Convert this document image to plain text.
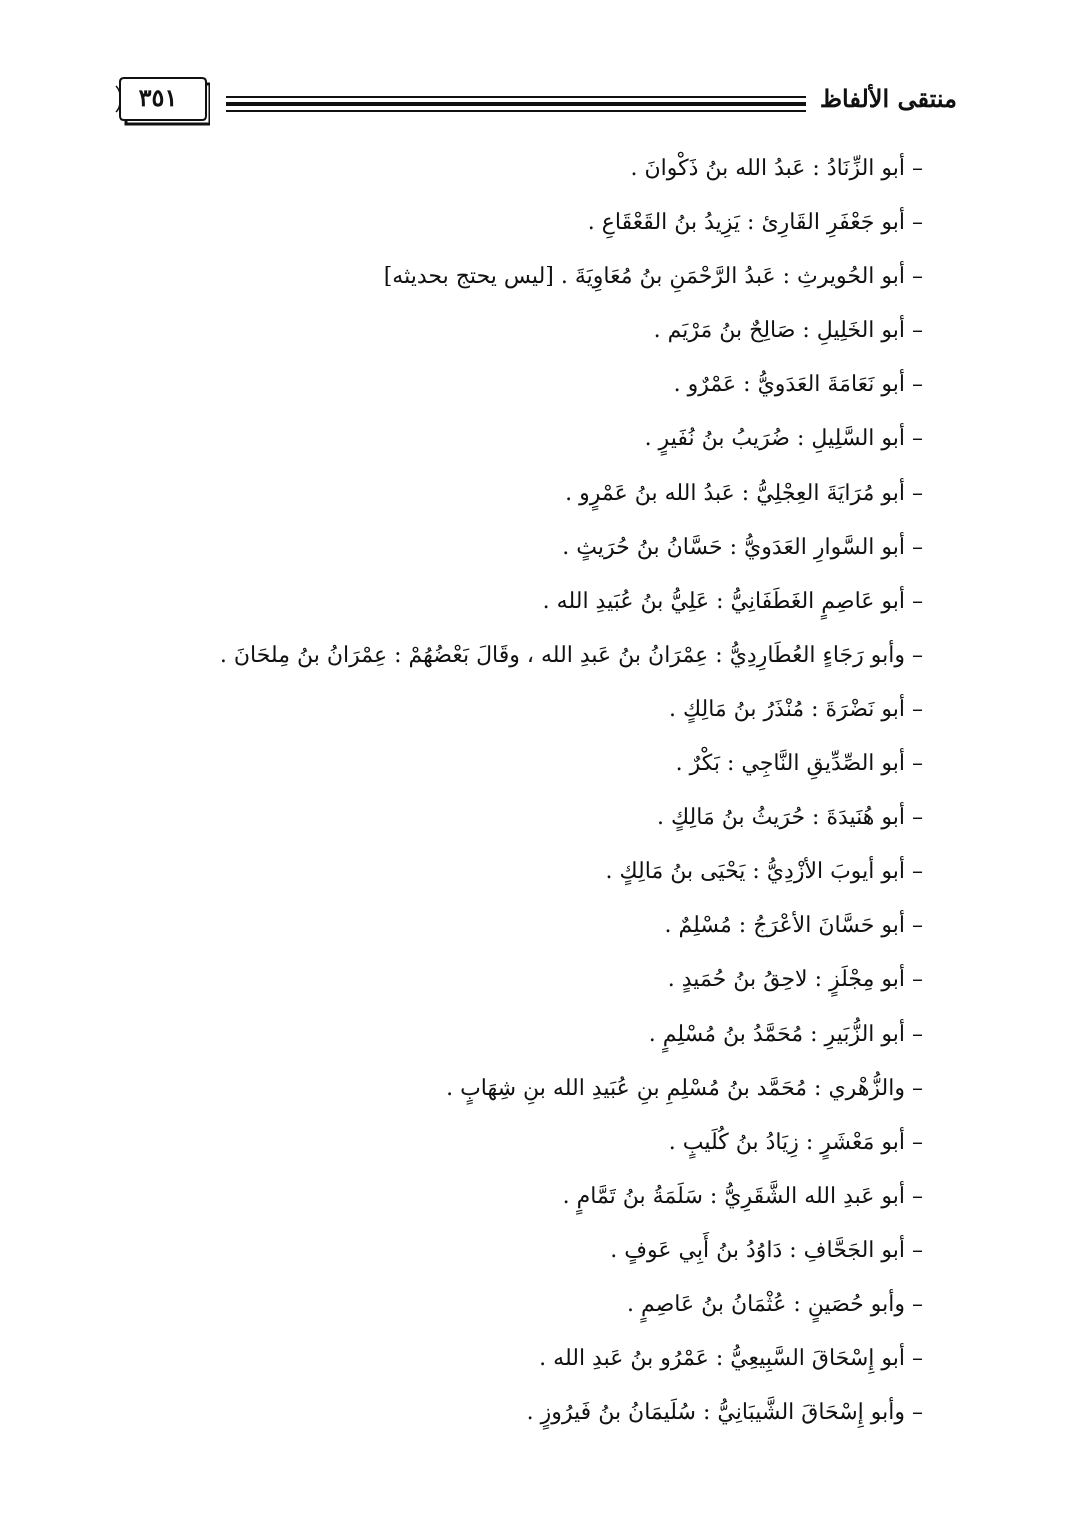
منتقى الألفاظ
٣٥١
– أبو الزِّنَادُ : عَبدُ الله بنُ ذَكْوانَ .
– أبو جَعْفَرِ القَارِئ : يَزِيدُ بنُ القَعْقَاعِ .
– أبو الحُويرثِ : عَبدُ الرَّحْمَنِ بنُ مُعَاوِيَةَ . [ليس يحتج بحديثه]
– أبو الخَلِيلِ : صَالِحٌ بنُ مَرْيَم .
– أبو نَعَامَةَ العَدَويُّ : عَمْرٌو .
– أبو السَّلِيلِ : ضُرَيبُ بنُ نُفَيرٍ .
– أبو مُرَايَةَ العِجْلِيُّ : عَبدُ الله بنُ عَمْرٍو .
– أبو السَّوارِ العَدَويُّ : حَسَّانُ بنُ حُرَيثٍ .
– أبو عَاصِمٍ الغَطَفَانِيُّ : عَلِيُّ بنُ عُبَيدِ الله .
– وأبو رَجَاءٍ العُطَارِدِيُّ : عِمْرَانُ بنُ عَبدِ الله ، وقَالَ بَعْضُهُمْ : عِمْرَانُ بنُ مِلحَانَ .
– أبو نَضْرَةَ : مُنْذَرُ بنُ مَالِكٍ .
– أبو الصِّدِّيقِ النَّاجِي : بَكْرٌ .
– أبو هُنَيدَةَ : حُرَيثُ بنُ مَالِكٍ .
– أبو أيوبَ الأزْدِيُّ : يَحْيَى بنُ مَالِكٍ .
– أبو حَسَّانَ الأعْرَجُ : مُسْلِمٌ .
– أبو مِجْلَزٍ : لاحِقُ بنُ حُمَيدٍ .
– أبو الزُّبَيرِ : مُحَمَّدُ بنُ مُسْلِمٍ .
– والزُّهْري : مُحَمَّد بنُ مُسْلِمِ بنِ عُبَيدِ الله بنِ شِهَابٍ .
– أبو مَعْشَرٍ : زِيَادُ بنُ كُلَيبٍ .
– أبو عَبدِ الله الشَّقَرِيُّ : سَلَمَةُ بنُ تَمَّامٍ .
– أبو الجَحَّافِ : دَاوُدُ بنُ أَبِي عَوفٍ .
– وأبو حُصَينٍ : عُثْمَانُ بنُ عَاصِمٍ .
– أبو إِسْحَاقَ السَّبِيعِيُّ : عَمْرُو بنُ عَبدِ الله .
– وأبو إِسْحَاقَ الشَّيبَانِيُّ : سُلَيمَانُ بنُ فَيرُوزٍ .
